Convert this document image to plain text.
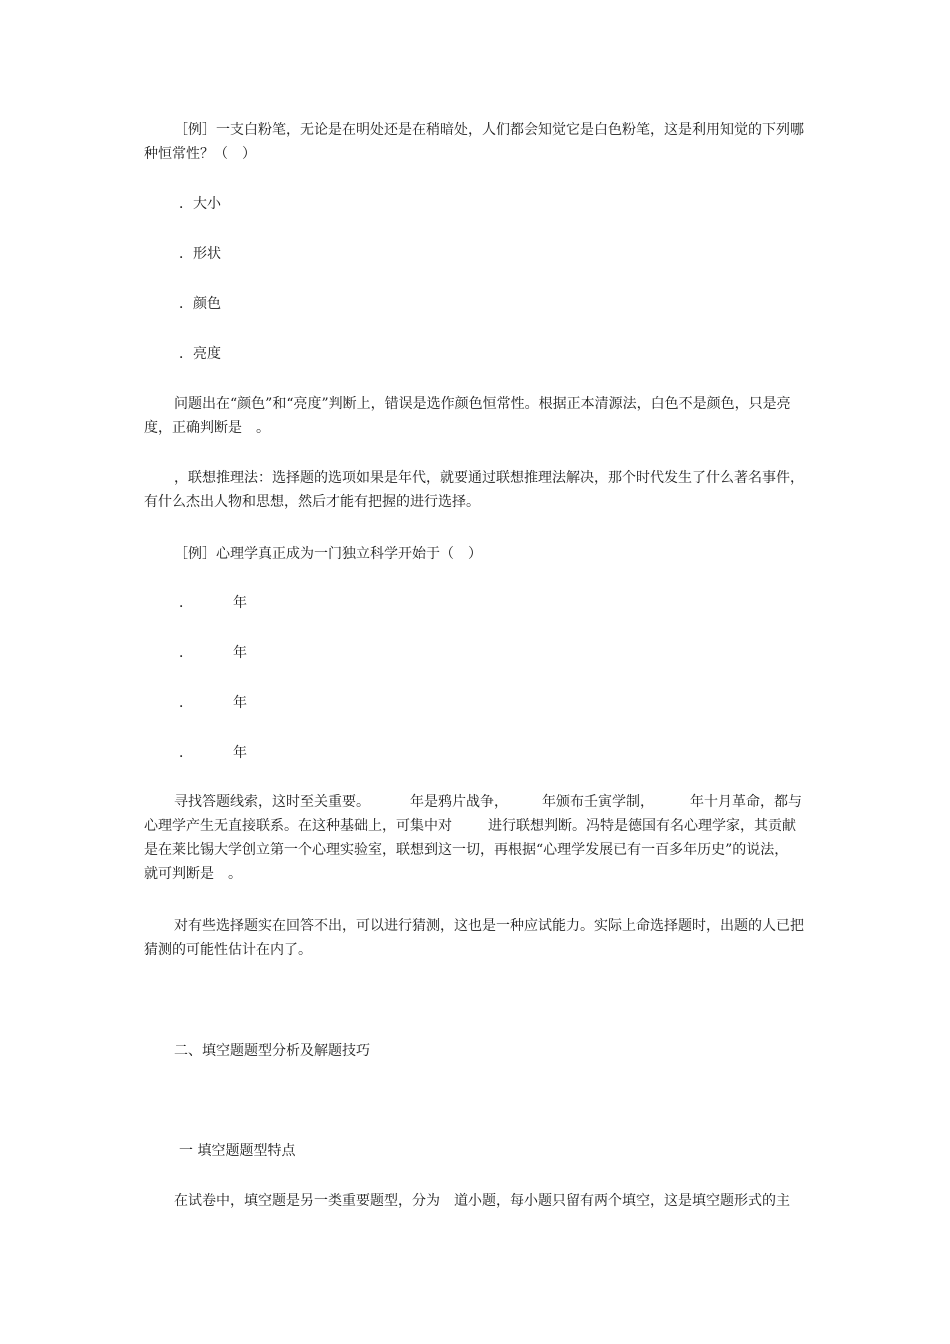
［例］一支白粉笔，无论是在明处还是在稍暗处，人们都会知觉它是白色粉笔，这是利用知觉的下列哪种恒常性？（　）
．大小
．形状
．颜色
．亮度
问题出在“颜色”和“亮度”判断上，错误是选作颜色恒常性。根据正本清源法，白色不是颜色，只是亮度，正确判断是　。
，联想推理法：选择题的选项如果是年代，就要通过联想推理法解决，那个时代发生了什么著名事件，有什么杰出人物和思想，然后才能有把握的进行选择。
［例］心理学真正成为一门独立科学开始于（　）
．	年
．	年
．	年
．	年
寻找答题线索，这时至关重要。	年是鸦片战争， 年颁布壬寅学制，	年十月革命，都与
心理学产生无直接联系。在这种基础上，可集中对	进行联想判断。冯特是德国有名心理学家，其贡献
是在莱比锡大学创立第一个心理实验室，联想到这一切，再根据“心理学发展已有一百多年历史”的说法，
就可判断是　。
对有些选择题实在回答不出，可以进行猜测，这也是一种应试能力。实际上命选择题时，出题的人已把猜测的可能性估计在内了。
二、填空题题型分析及解题技巧
一 填空题题型特点
在试卷中，填空题是另一类重要题型，分为　道小题，每小题只留有两个填空，这是填空题形式的主
